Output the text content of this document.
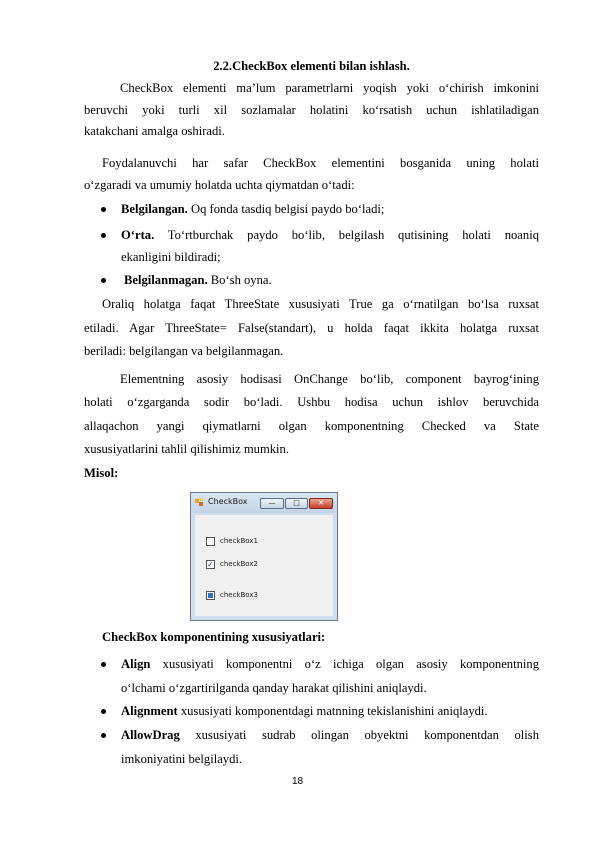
2.2.CheckBox elementi bilan ishlash.

CheckBox elementi ma’lum parametrlarni yoqish yoki o‘chirish imkonini

beruvchi yoki turli xil sozlamalar holatini ko‘rsatish uchun ishlatiladigan

katakchani amalga oshiradi.

Foydalanuvchi har safar CheckBox elementini bosganida uning holati

o‘zgaradi va umumiy holatda uchta qiymatdan o‘tadi:

Belgilangan. Oq fonda tasdiq belgisi paydo bo‘ladi;

O‘rta. To‘rtburchak paydo bo‘lib, belgilash qutisining holati noaniq

ekanligini bildiradi;

Belgilanmagan. Bo‘sh oyna.

Oraliq holatga faqat ThreeState xususiyati True ga o‘rnatilgan bo‘lsa ruxsat

etiladi. Agar ThreeState= False(standart), u holda faqat ikkita holatga ruxsat

beriladi: belgilangan va belgilanmagan.

Elementning asosiy hodisasi OnChange bo‘lib, component bayrog‘ining

holati o‘zgarganda sodir bo‘ladi. Ushbu hodisa uchun ishlov beruvchida

allaqachon yangi qiymatlarni olgan komponentning Checked va State

xususiyatlarini tahlil qilishimiz mumkin.

Misol:

CheckBox	—	□	✕
checkBox1
✓ checkBox2
checkBox3

CheckBox komponentining xususiyatlari:

Align xususiyati komponentni o‘z ichiga olgan asosiy komponentning

o‘lchami o‘zgartirilganda qanday harakat qilishini aniqlaydi.

Alignment xususiyati komponentdagi matnning tekislanishini aniqlaydi.

AllowDrag xususiyati sudrab olingan obyektni komponentdan olish

imkoniyatini belgilaydi.

18
